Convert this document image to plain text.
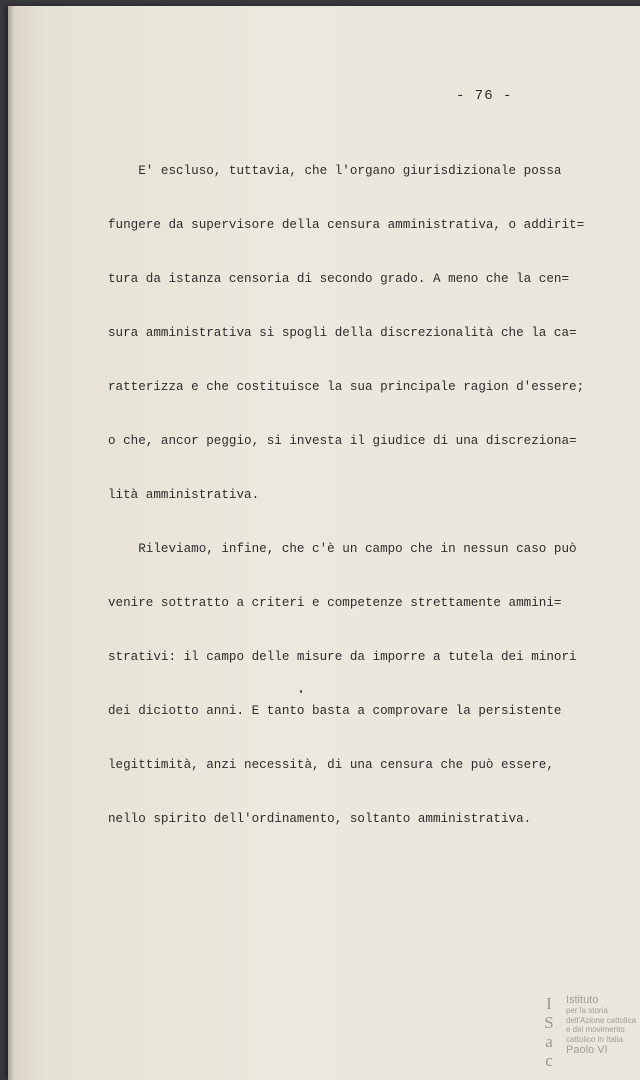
- 76 -

E' escluso, tuttavia, che l'organo giurisdizionale possa

fungere da supervisore della censura amministrativa, o addirit=

tura da istanza censoria di secondo grado. A meno che la cen=

sura amministrativa si spogli della discrezionalità che la ca=

ratterizza e che costituisce la sua principale ragion d'essere;

o che, ancor peggio, si investa il giudice di una discreziona=

lità amministrativa.

Rileviamo, infine, che c'è un campo che in nessun caso può

venire sottratto a criteri e competenze strettamente ammini=

strativi: il campo delle misure da imporre a tutela dei minori

dei diciotto anni. E tanto basta a comprovare la persistente

legittimità, anzi necessità, di una censura che può essere,

nello spirito dell'ordinamento, soltanto amministrativa.

I
S
a
c
Istituto
per la storia
dell'Azione cattolica
e del movimento
cattolico in Italia
Paolo VI
